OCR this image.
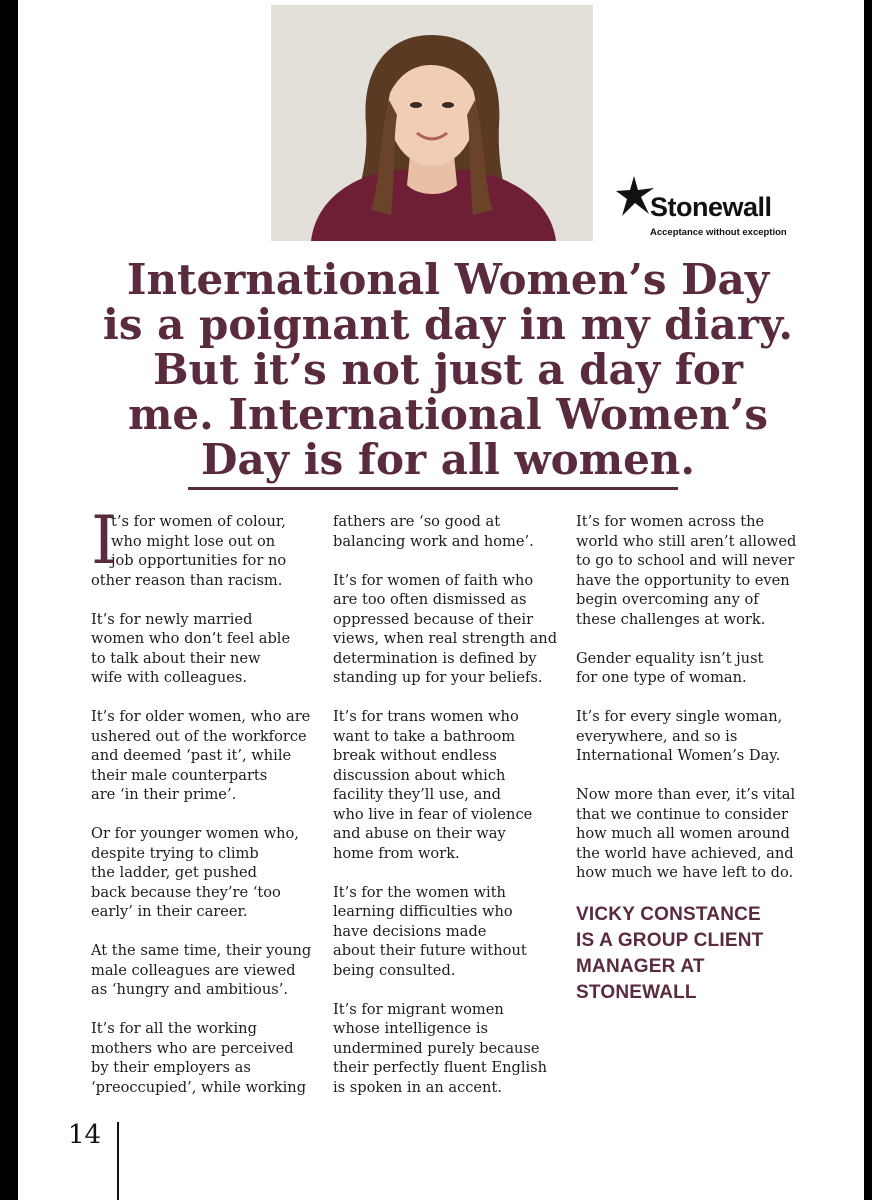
Stonewall
Acceptance without exception
International Women’s Day
is a poignant day in my diary.
But it’s not just a day for
me. International Women’s
Day is for all women.

I
t’s for women of colour,
who might lose out on
job opportunities for no
other reason than racism.

It’s for newly married
women who don’t feel able
to talk about their new
wife with colleagues.

It’s for older women, who are
ushered out of the workforce
and deemed ‘past it’, while
their male counterparts
are ‘in their prime’.

Or for younger women who,
despite trying to climb
the ladder, get pushed
back because they’re ‘too
early’ in their career.

At the same time, their young
male colleagues are viewed
as ‘hungry and ambitious’.

It’s for all the working
mothers who are perceived
by their employers as
‘preoccupied’, while working

fathers are ‘so good at
balancing work and home’.

It’s for women of faith who
are too often dismissed as
oppressed because of their
views, when real strength and
determination is defined by
standing up for your beliefs.

It’s for trans women who
want to take a bathroom
break without endless
discussion about which
facility they’ll use, and
who live in fear of violence
and abuse on their way
home from work.

It’s for the women with
learning difficulties who
have decisions made
about their future without
being consulted.

It’s for migrant women
whose intelligence is
undermined purely because
their perfectly fluent English
is spoken in an accent.

It’s for women across the
world who still aren’t allowed
to go to school and will never
have the opportunity to even
begin overcoming any of
these challenges at work.

Gender equality isn’t just
for one type of woman.

It’s for every single woman,
everywhere, and so is
International Women’s Day.

Now more than ever, it’s vital
that we continue to consider
how much all women around
the world have achieved, and
how much we have left to do.

VICKY CONSTANCE
IS A GROUP CLIENT
MANAGER AT
STONEWALL
14
